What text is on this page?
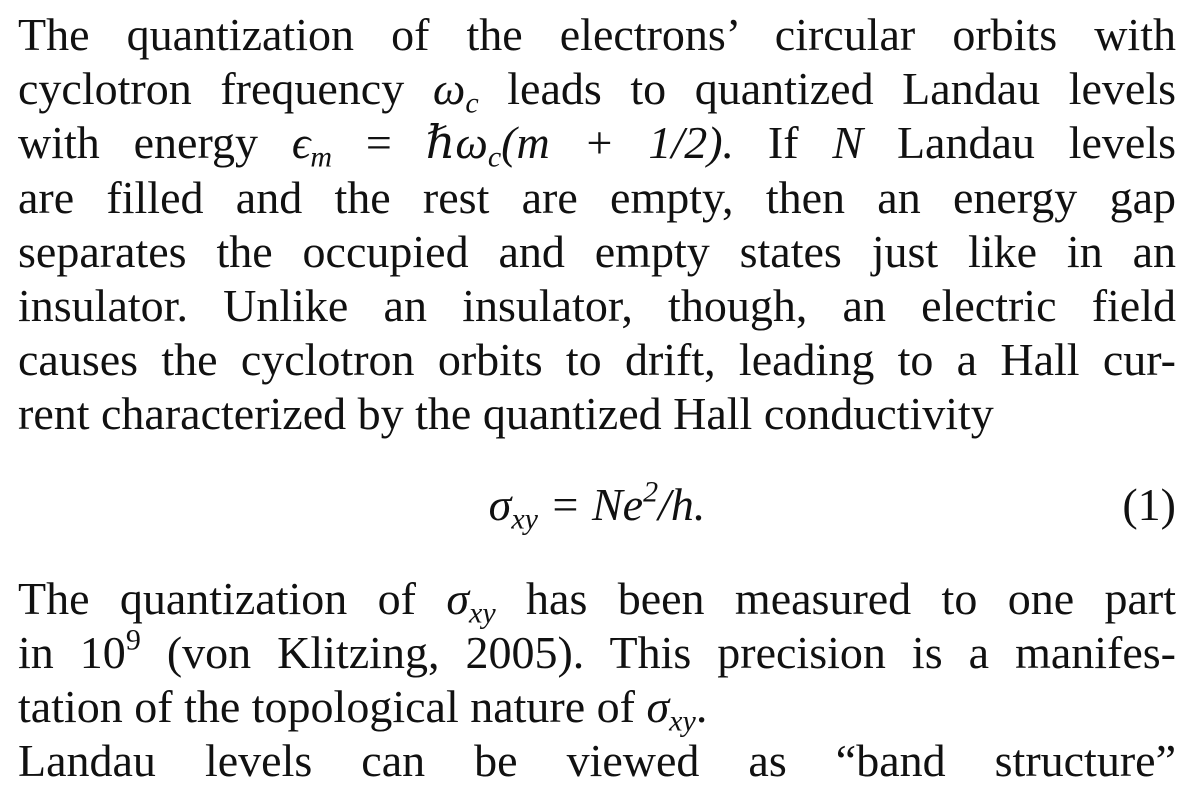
The quantization of the electrons’ circular orbits with
cyclotron frequency $\omega_c$ leads to quantized Landau levels
with energy $\epsilon_m$ = ℏω$_c$(m + 1/2). If N Landau levels
are filled and the rest are empty, then an energy gap
separates the occupied and empty states just like in an
insulator. Unlike an insulator, though, an electric field
causes the cyclotron orbits to drift, leading to a Hall cur-
rent characterized by the quantized Hall conductivity
$\sigma_{xy} = Ne^2/h$.	(1)
The quantization of $\sigma_{xy}$ has been measured to one part
in $10^9$ (von Klitzing, 2005). This precision is a manifes-
tation of the topological nature of $\sigma_{xy}$.
Landau levels can be viewed as “band structure”
